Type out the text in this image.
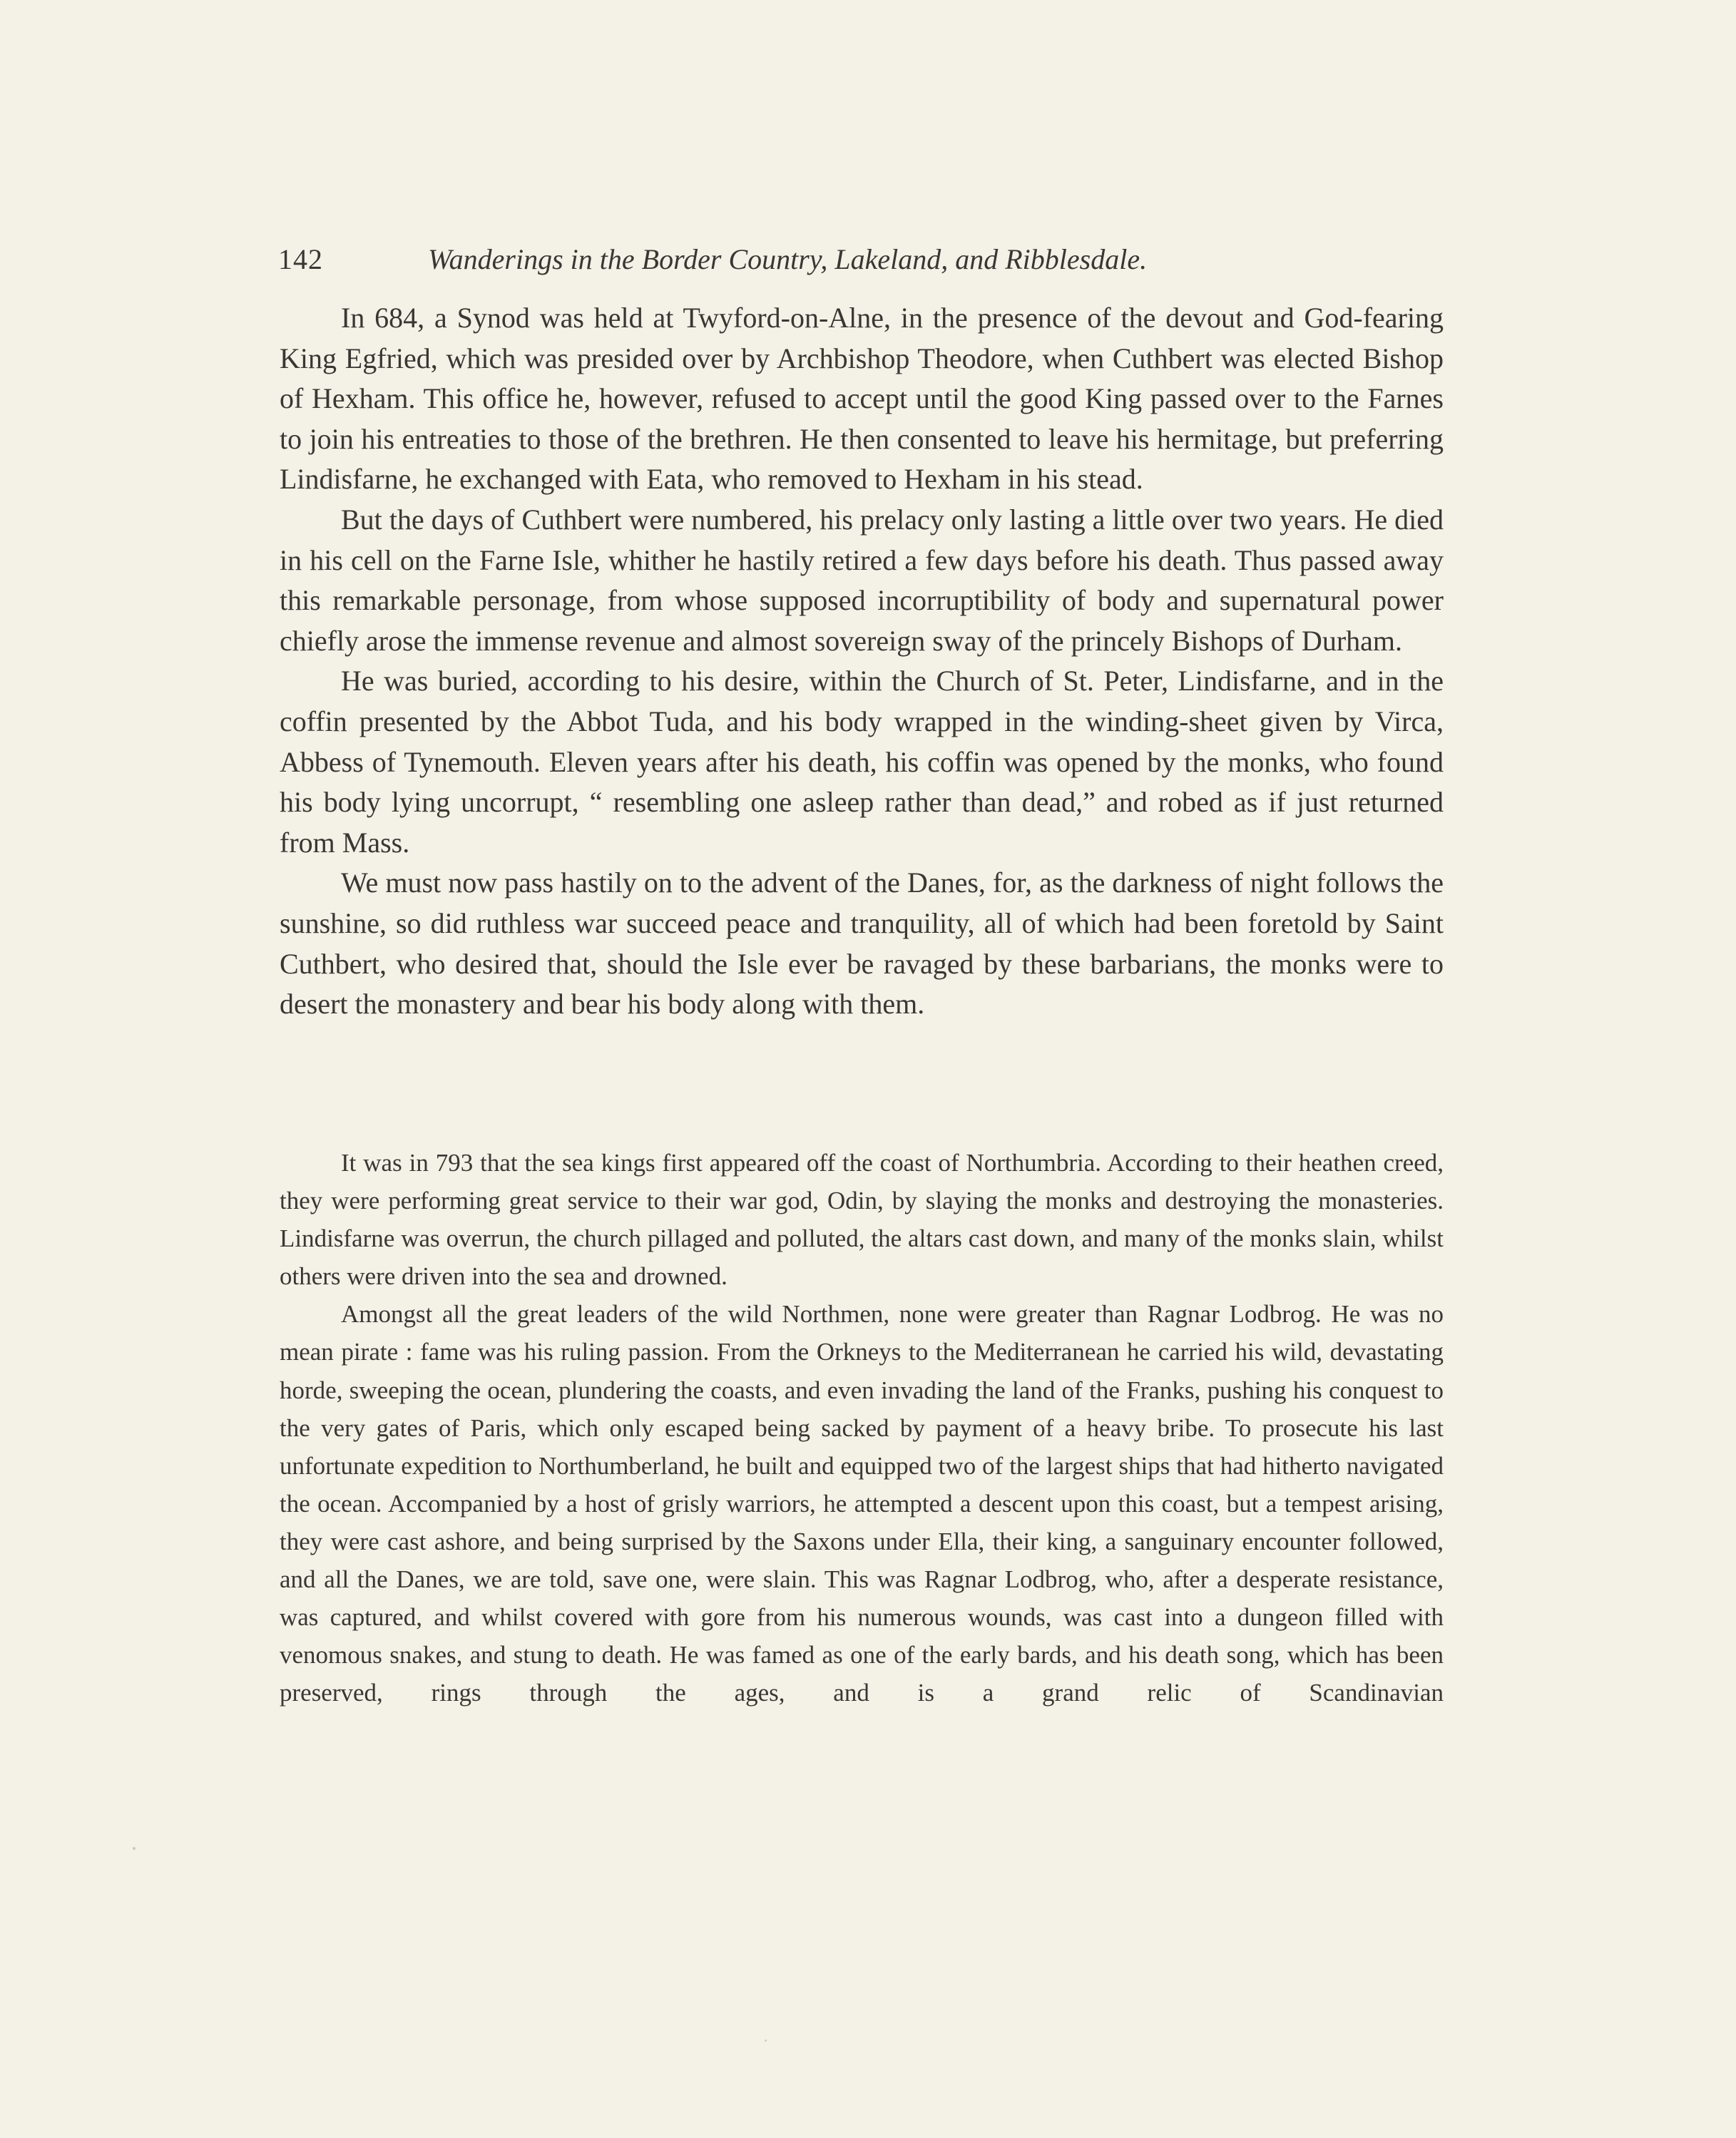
142	Wanderings in the Border Country, Lakeland, and Ribblesdale.

In 684, a Synod was held at Twyford-on-Alne, in the presence of the devout and God-fearing King Egfried, which was presided over by Archbishop Theodore, when Cuthbert was elected Bishop of Hexham. This office he, however, refused to accept until the good King passed over to the Farnes to join his entreaties to those of the brethren. He then consented to leave his hermitage, but preferring Lindisfarne, he exchanged with Eata, who removed to Hexham in his stead.

But the days of Cuthbert were numbered, his prelacy only lasting a little over two years. He died in his cell on the Farne Isle, whither he hastily retired a few days before his death. Thus passed away this remarkable personage, from whose supposed incorruptibility of body and supernatural power chiefly arose the immense revenue and almost sovereign sway of the princely Bishops of Durham.

He was buried, according to his desire, within the Church of St. Peter, Lindisfarne, and in the coffin presented by the Abbot Tuda, and his body wrapped in the winding-sheet given by Virca, Abbess of Tynemouth. Eleven years after his death, his coffin was opened by the monks, who found his body lying uncorrupt, “ resembling one asleep rather than dead,” and robed as if just returned from Mass.

We must now pass hastily on to the advent of the Danes, for, as the darkness of night follows the sunshine, so did ruthless war succeed peace and tranquility, all of which had been foretold by Saint Cuthbert, who desired that, should the Isle ever be ravaged by these barbarians, the monks were to desert the monastery and bear his body along with them.

It was in 793 that the sea kings first appeared off the coast of Northumbria. According to their heathen creed, they were performing great service to their war god, Odin, by slaying the monks and destroying the monasteries. Lindisfarne was overrun, the church pillaged and polluted, the altars cast down, and many of the monks slain, whilst others were driven into the sea and drowned.

Amongst all the great leaders of the wild Northmen, none were greater than Ragnar Lodbrog. He was no mean pirate : fame was his ruling passion. From the Orkneys to the Mediterranean he carried his wild, devastating horde, sweeping the ocean, plundering the coasts, and even invading the land of the Franks, pushing his conquest to the very gates of Paris, which only escaped being sacked by payment of a heavy bribe. To prosecute his last unfortunate expedition to Northumberland, he built and equipped two of the largest ships that had hitherto navigated the ocean. Accompanied by a host of grisly warriors, he attempted a descent upon this coast, but a tempest arising, they were cast ashore, and being surprised by the Saxons under Ella, their king, a sanguinary encounter followed, and all the Danes, we are told, save one, were slain. This was Ragnar Lodbrog, who, after a desperate resistance, was captured, and whilst covered with gore from his numerous wounds, was cast into a dungeon filled with venomous snakes, and stung to death. He was famed as one of the early bards, and his death song, which has been preserved, rings through the ages, and is a grand relic of Scandinavian
